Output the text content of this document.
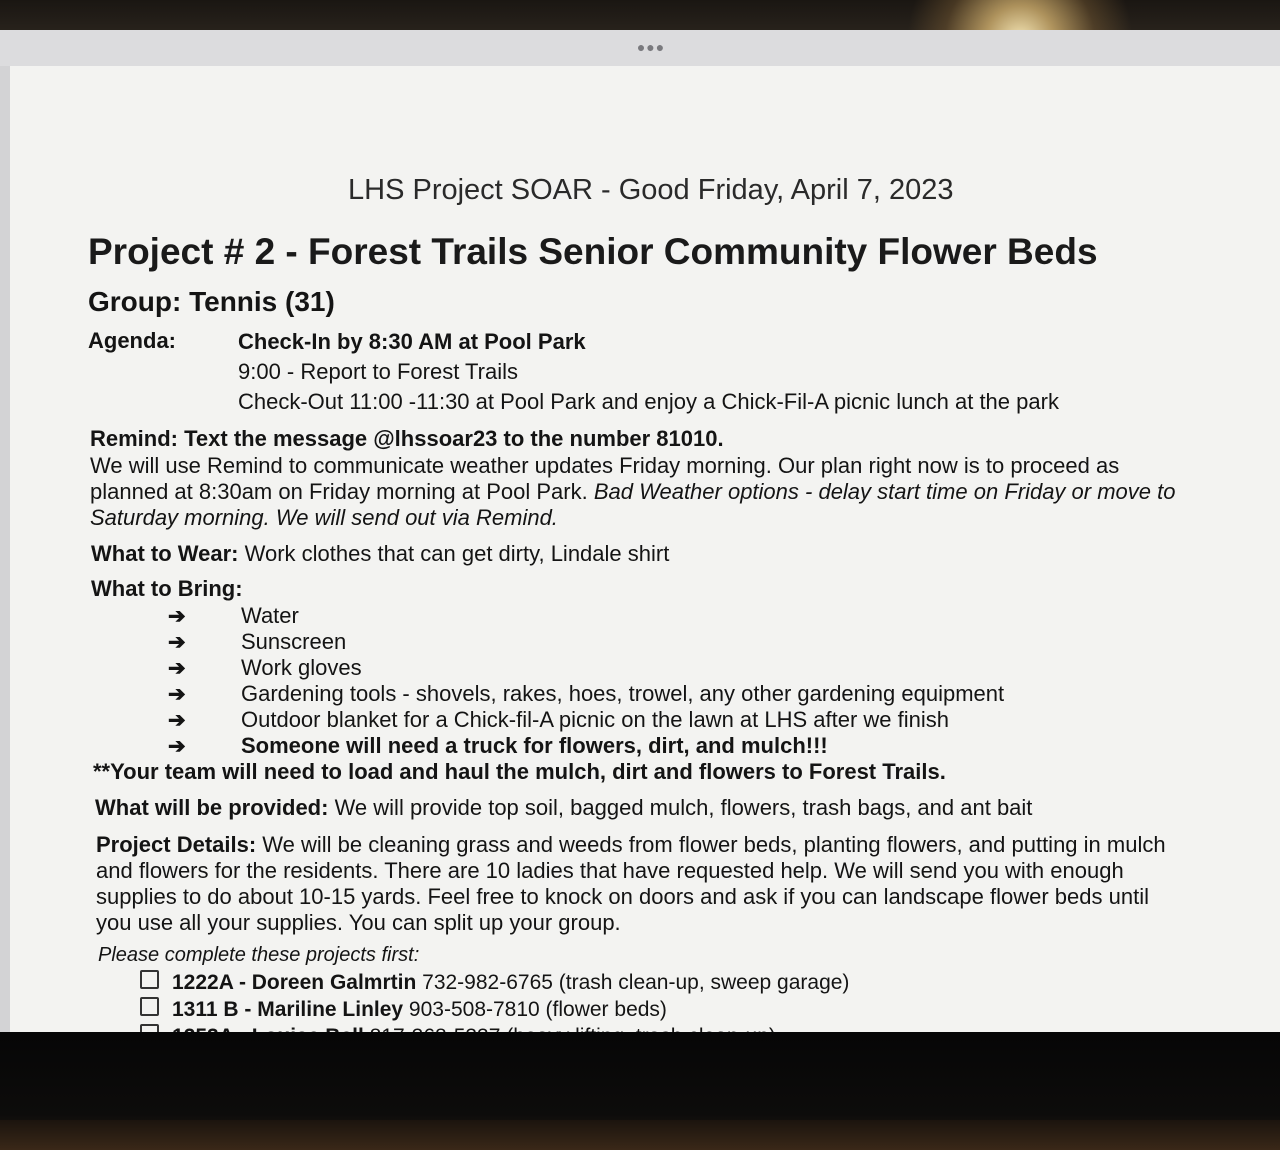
●●●
LHS Project SOAR - Good Friday, April 7, 2023
Project # 2 - Forest Trails Senior Community Flower Beds
Group: Tennis (31)
Agenda:	Check-In by 8:30 AM at Pool Park
9:00 - Report to Forest Trails
Check-Out 11:00 -11:30 at Pool Park and enjoy a Chick-Fil-A picnic lunch at the park
Remind: Text the message @lhssoar23 to the number 81010.
We will use Remind to communicate weather updates Friday morning. Our plan right now is to proceed as
planned at 8:30am on Friday morning at Pool Park. Bad Weather options - delay start time on Friday or move to
Saturday morning. We will send out via Remind.
What to Wear: Work clothes that can get dirty, Lindale shirt
What to Bring:
➔	Water
➔	Sunscreen
➔	Work gloves
➔	Gardening tools - shovels, rakes, hoes, trowel, any other gardening equipment
➔	Outdoor blanket for a Chick-fil-A picnic on the lawn at LHS after we finish
➔	Someone will need a truck for flowers, dirt, and mulch!!!
**Your team will need to load and haul the mulch, dirt and flowers to Forest Trails.
What will be provided: We will provide top soil, bagged mulch, flowers, trash bags, and ant bait
Project Details: We will be cleaning grass and weeds from flower beds, planting flowers, and putting in mulch
and flowers for the residents. There are 10 ladies that have requested help. We will send you with enough
supplies to do about 10-15 yards. Feel free to knock on doors and ask if you can landscape flower beds until
you use all your supplies. You can split up your group.
Please complete these projects first:
1222A - Doreen Galmrtin 732-982-6765 (trash clean-up, sweep garage)
1311 B - Mariline Linley 903-508-7810 (flower beds)
